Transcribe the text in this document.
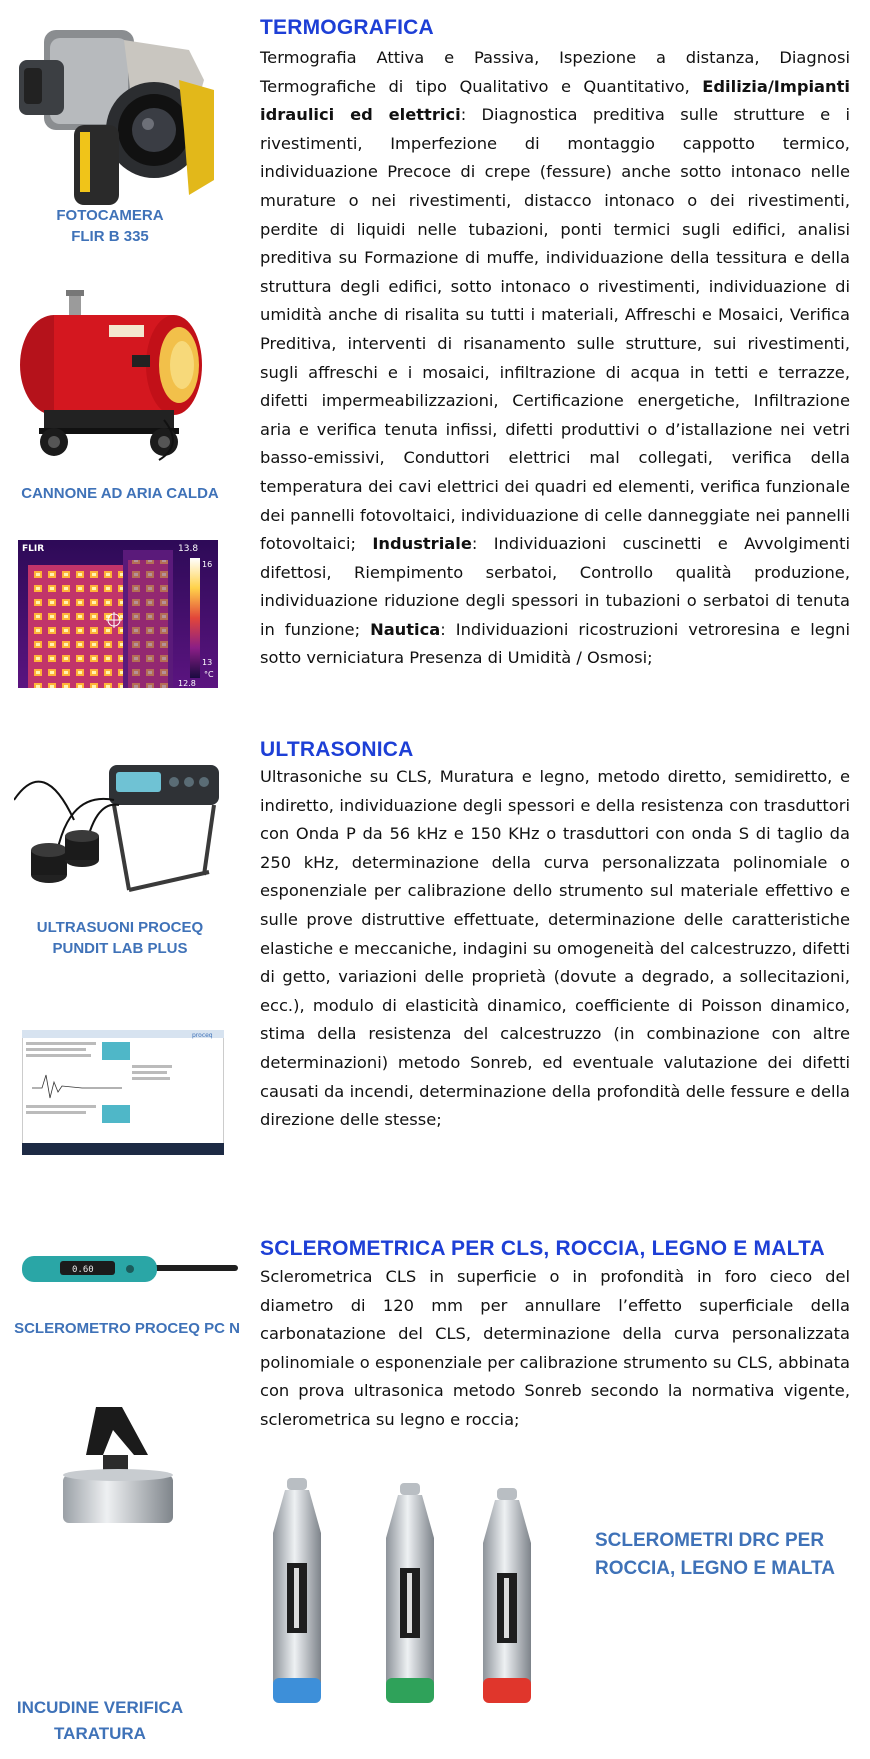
TERMOGRAFICA
Termografia Attiva e Passiva, Ispezione a distanza, Diagnosi Termografiche di tipo Qualitativo e Quantitativo, Edilizia/Impianti idraulici ed elettrici: Diagnostica preditiva sulle strutture e i rivestimenti, Imperfezione di montaggio cappotto termico, individuazione Precoce di crepe (fessure) anche sotto intonaco nelle murature o nei rivestimenti, distacco intonaco o dei rivestimenti, perdite di liquidi nelle tubazioni, ponti termici sugli edifici, analisi preditiva su Formazione di muffe, individuazione della tessitura e della struttura degli edifici, sotto intonaco o rivestimenti, individuazione di umidità anche di risalita su tutti i materiali, Affreschi e Mosaici, Verifica Preditiva, interventi di risanamento sulle strutture, sui rivestimenti, sugli affreschi e i mosaici, infiltrazione di acqua in tetti e terrazze, difetti impermeabilizzazioni, Certificazione energetiche, Infiltrazione aria e verifica tenuta infissi, difetti produttivi o d’istallazione nei vetri basso-emissivi, Conduttori elettrici mal collegati, verifica della temperatura dei cavi elettrici dei quadri ed elementi, verifica funzionale dei pannelli fotovoltaici, individuazione di celle danneggiate nei pannelli fotovoltaici; Industriale: Individuazioni cuscinetti e Avvolgimenti difettosi, Riempimento serbatoi, Controllo qualità produzione, individuazione riduzione degli spessori in tubazioni o serbatoi di tenuta in funzione; Nautica: Individuazioni ricostruzioni vetroresina e legni sotto verniciatura Presenza di Umidità / Osmosi;
FOTOCAMERA
FLIR B 335
CANNONE AD ARIA CALDA
FLIR	13.8
16
13
12.8
°C
ULTRASONICA
Ultrasoniche su CLS, Muratura e legno, metodo diretto, semidiretto, e indiretto, individuazione degli spessori e della resistenza con trasduttori con Onda P da 56 kHz e 150 KHz o trasduttori con onda S di taglio da 250 kHz, determinazione della curva personalizzata polinomiale o esponenziale per calibrazione dello strumento sul materiale effettivo e sulle prove distruttive effettuate, determinazione delle caratteristiche elastiche e meccaniche, indagini su omogeneità del calcestruzzo, difetti di getto, variazioni delle proprietà (dovute a degrado, a sollecitazioni, ecc.), modulo di elasticità dinamico, coefficiente di Poisson dinamico, stima della resistenza del calcestruzzo (in combinazione con altre determinazioni) metodo Sonreb, ed eventuale valutazione dei difetti causati da incendi, determinazione della profondità delle fessure e della direzione delle stesse;
ULTRASUONI PROCEQ
PUNDIT LAB PLUS
proceq
SCLEROMETRICA PER CLS, ROCCIA, LEGNO E MALTA
Sclerometrica CLS in superficie o in profondità in foro cieco del diametro di 120 mm per annullare l’effetto superficiale della carbonatazione del CLS, determinazione della curva personalizzata polinomiale o esponenziale per calibrazione strumento su CLS, abbinata con prova ultrasonica metodo Sonreb secondo la normativa vigente, sclerometrica su legno e roccia;
0.60
SCLEROMETRO PROCEQ PC N
INCUDINE VERIFICA
TARATURA
SCLEROMETRI DRC PER
ROCCIA, LEGNO E MALTA
